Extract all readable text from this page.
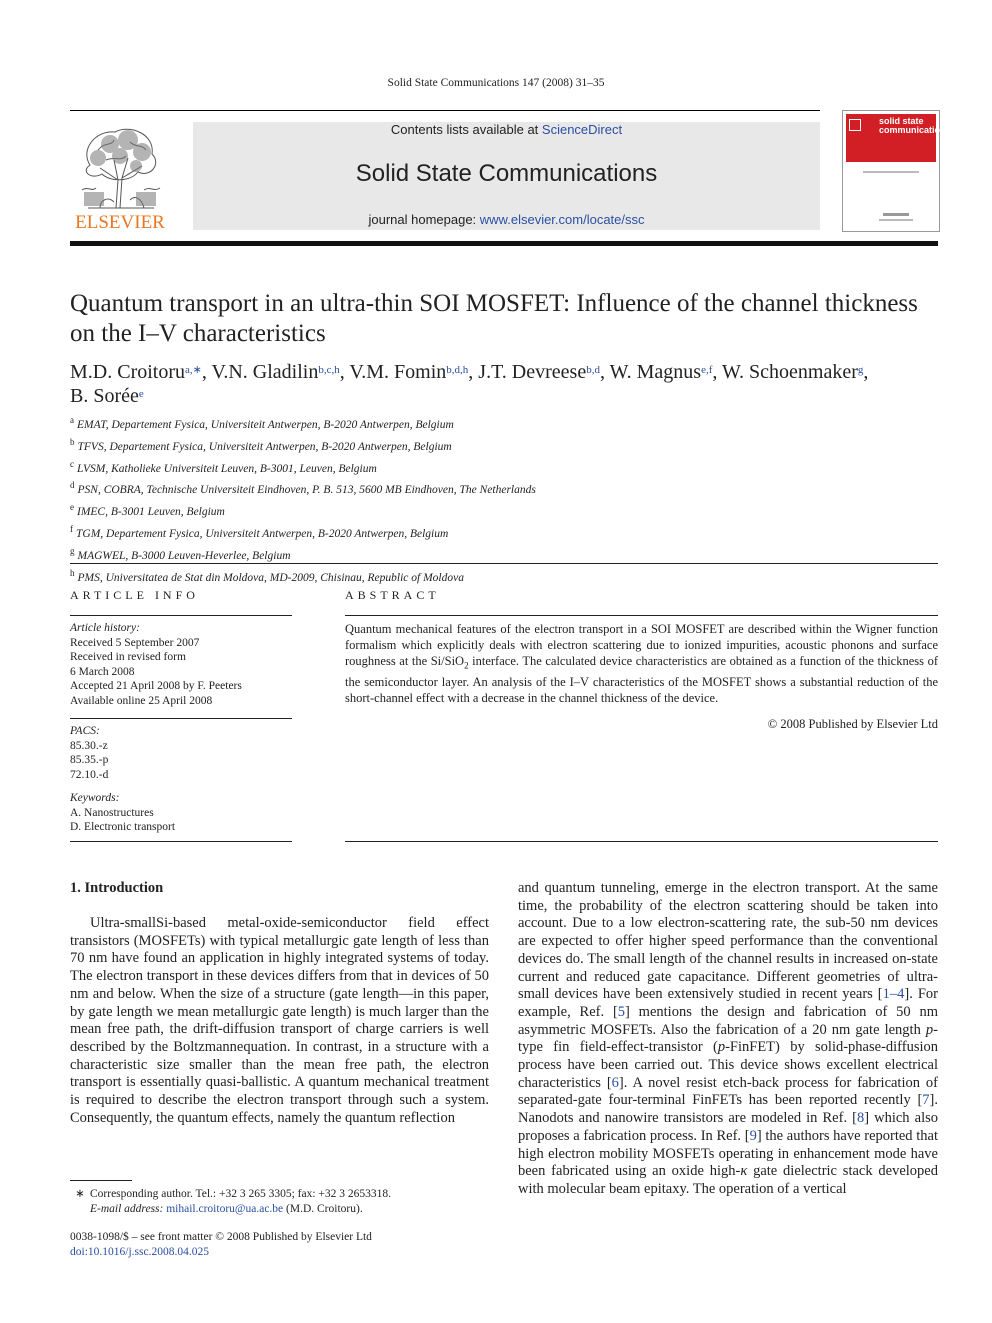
Solid State Communications 147 (2008) 31–35
ELSEVIER
Contents lists available at ScienceDirect
Solid State Communications
journal homepage: www.elsevier.com/locate/ssc
solid state communications
Quantum transport in an ultra-thin SOI MOSFET: Influence of the channel thickness on the I–V characteristics
M.D. Croitoru$^{a,∗}$, V.N. Gladilin$^{b,c,h}$, V.M. Fomin$^{b,d,h}$, J.T. Devreese$^{b,d}$, W. Magnus$^{e,f}$, W. Schoenmaker$^g$,
B. Sorée$^e$
$^a$ EMAT, Departement Fysica, Universiteit Antwerpen, B-2020 Antwerpen, Belgium
$^b$ TFVS, Departement Fysica, Universiteit Antwerpen, B-2020 Antwerpen, Belgium
$^c$ LVSM, Katholieke Universiteit Leuven, B-3001, Leuven, Belgium
$^d$ PSN, COBRA, Technische Universiteit Eindhoven, P. B. 513, 5600 MB Eindhoven, The Netherlands
$^e$ IMEC, B-3001 Leuven, Belgium
$^f$ TGM, Departement Fysica, Universiteit Antwerpen, B-2020 Antwerpen, Belgium
$^g$ MAGWEL, B-3000 Leuven-Heverlee, Belgium
$^h$ PMS, Universitatea de Stat din Moldova, MD-2009, Chisinau, Republic of Moldova
ARTICLE INFO
Article history:
Received 5 September 2007
Received in revised form
6 March 2008
Accepted 21 April 2008 by F. Peeters
Available online 25 April 2008
PACS:
85.30.-z
85.35.-p
72.10.-d
Keywords:
A. Nanostructures
D. Electronic transport
ABSTRACT
Quantum mechanical features of the electron transport in a SOI MOSFET are described within the Wigner function formalism which explicitly deals with electron scattering due to ionized impurities, acoustic phonons and surface roughness at the Si/SiO$_2$ interface. The calculated device characteristics are obtained as a function of the thickness of the semiconductor layer. An analysis of the I–V characteristics of the MOSFET shows a substantial reduction of the short-channel effect with a decrease in the channel thickness of the device.
© 2008 Published by Elsevier Ltd
1. Introduction

Ultra-smallSi-based metal-oxide-semiconductor field effect transistors (MOSFETs) with typical metallurgic gate length of less than 70 nm have found an application in highly integrated systems of today. The electron transport in these devices differs from that in devices of 50 nm and below. When the size of a structure (gate length—in this paper, by gate length we mean metallurgic gate length) is much larger than the mean free path, the drift-diffusion transport of charge carriers is well described by the Boltzmannequation. In contrast, in a structure with a characteristic size smaller than the mean free path, the electron transport is essentially quasi-ballistic. A quantum mechanical treatment is required to describe the electron transport through such a system. Consequently, the quantum effects, namely the quantum reflection

and quantum tunneling, emerge in the electron transport. At the same time, the probability of the electron scattering should be taken into account. Due to a low electron-scattering rate, the sub-50 nm devices are expected to offer higher speed performance than the conventional devices do. The small length of the channel results in increased on-state current and reduced gate capacitance. Different geometries of ultra-small devices have been extensively studied in recent years [1–4]. For example, Ref. [5] mentions the design and fabrication of 50 nm asymmetric MOSFETs. Also the fabrication of a 20 nm gate length p-type fin field-effect-transistor (p-FinFET) by solid-phase-diffusion process have been carried out. This device shows excellent electrical characteristics [6]. A novel resist etch-back process for fabrication of separated-gate four-terminal FinFETs has been reported recently [7]. Nanodots and nanowire transistors are modeled in Ref. [8] which also proposes a fabrication process. In Ref. [9] the authors have reported that high electron mobility MOSFETs operating in enhancement mode have been fabricated using an oxide high-κ gate dielectric stack developed with molecular beam epitaxy. The operation of a vertical

∗ Corresponding author. Tel.: +32 3 265 3305; fax: +32 3 2653318.
E-mail address: mihail.croitoru@ua.ac.be (M.D. Croitoru).
0038-1098/$ – see front matter © 2008 Published by Elsevier Ltd
doi:10.1016/j.ssc.2008.04.025
